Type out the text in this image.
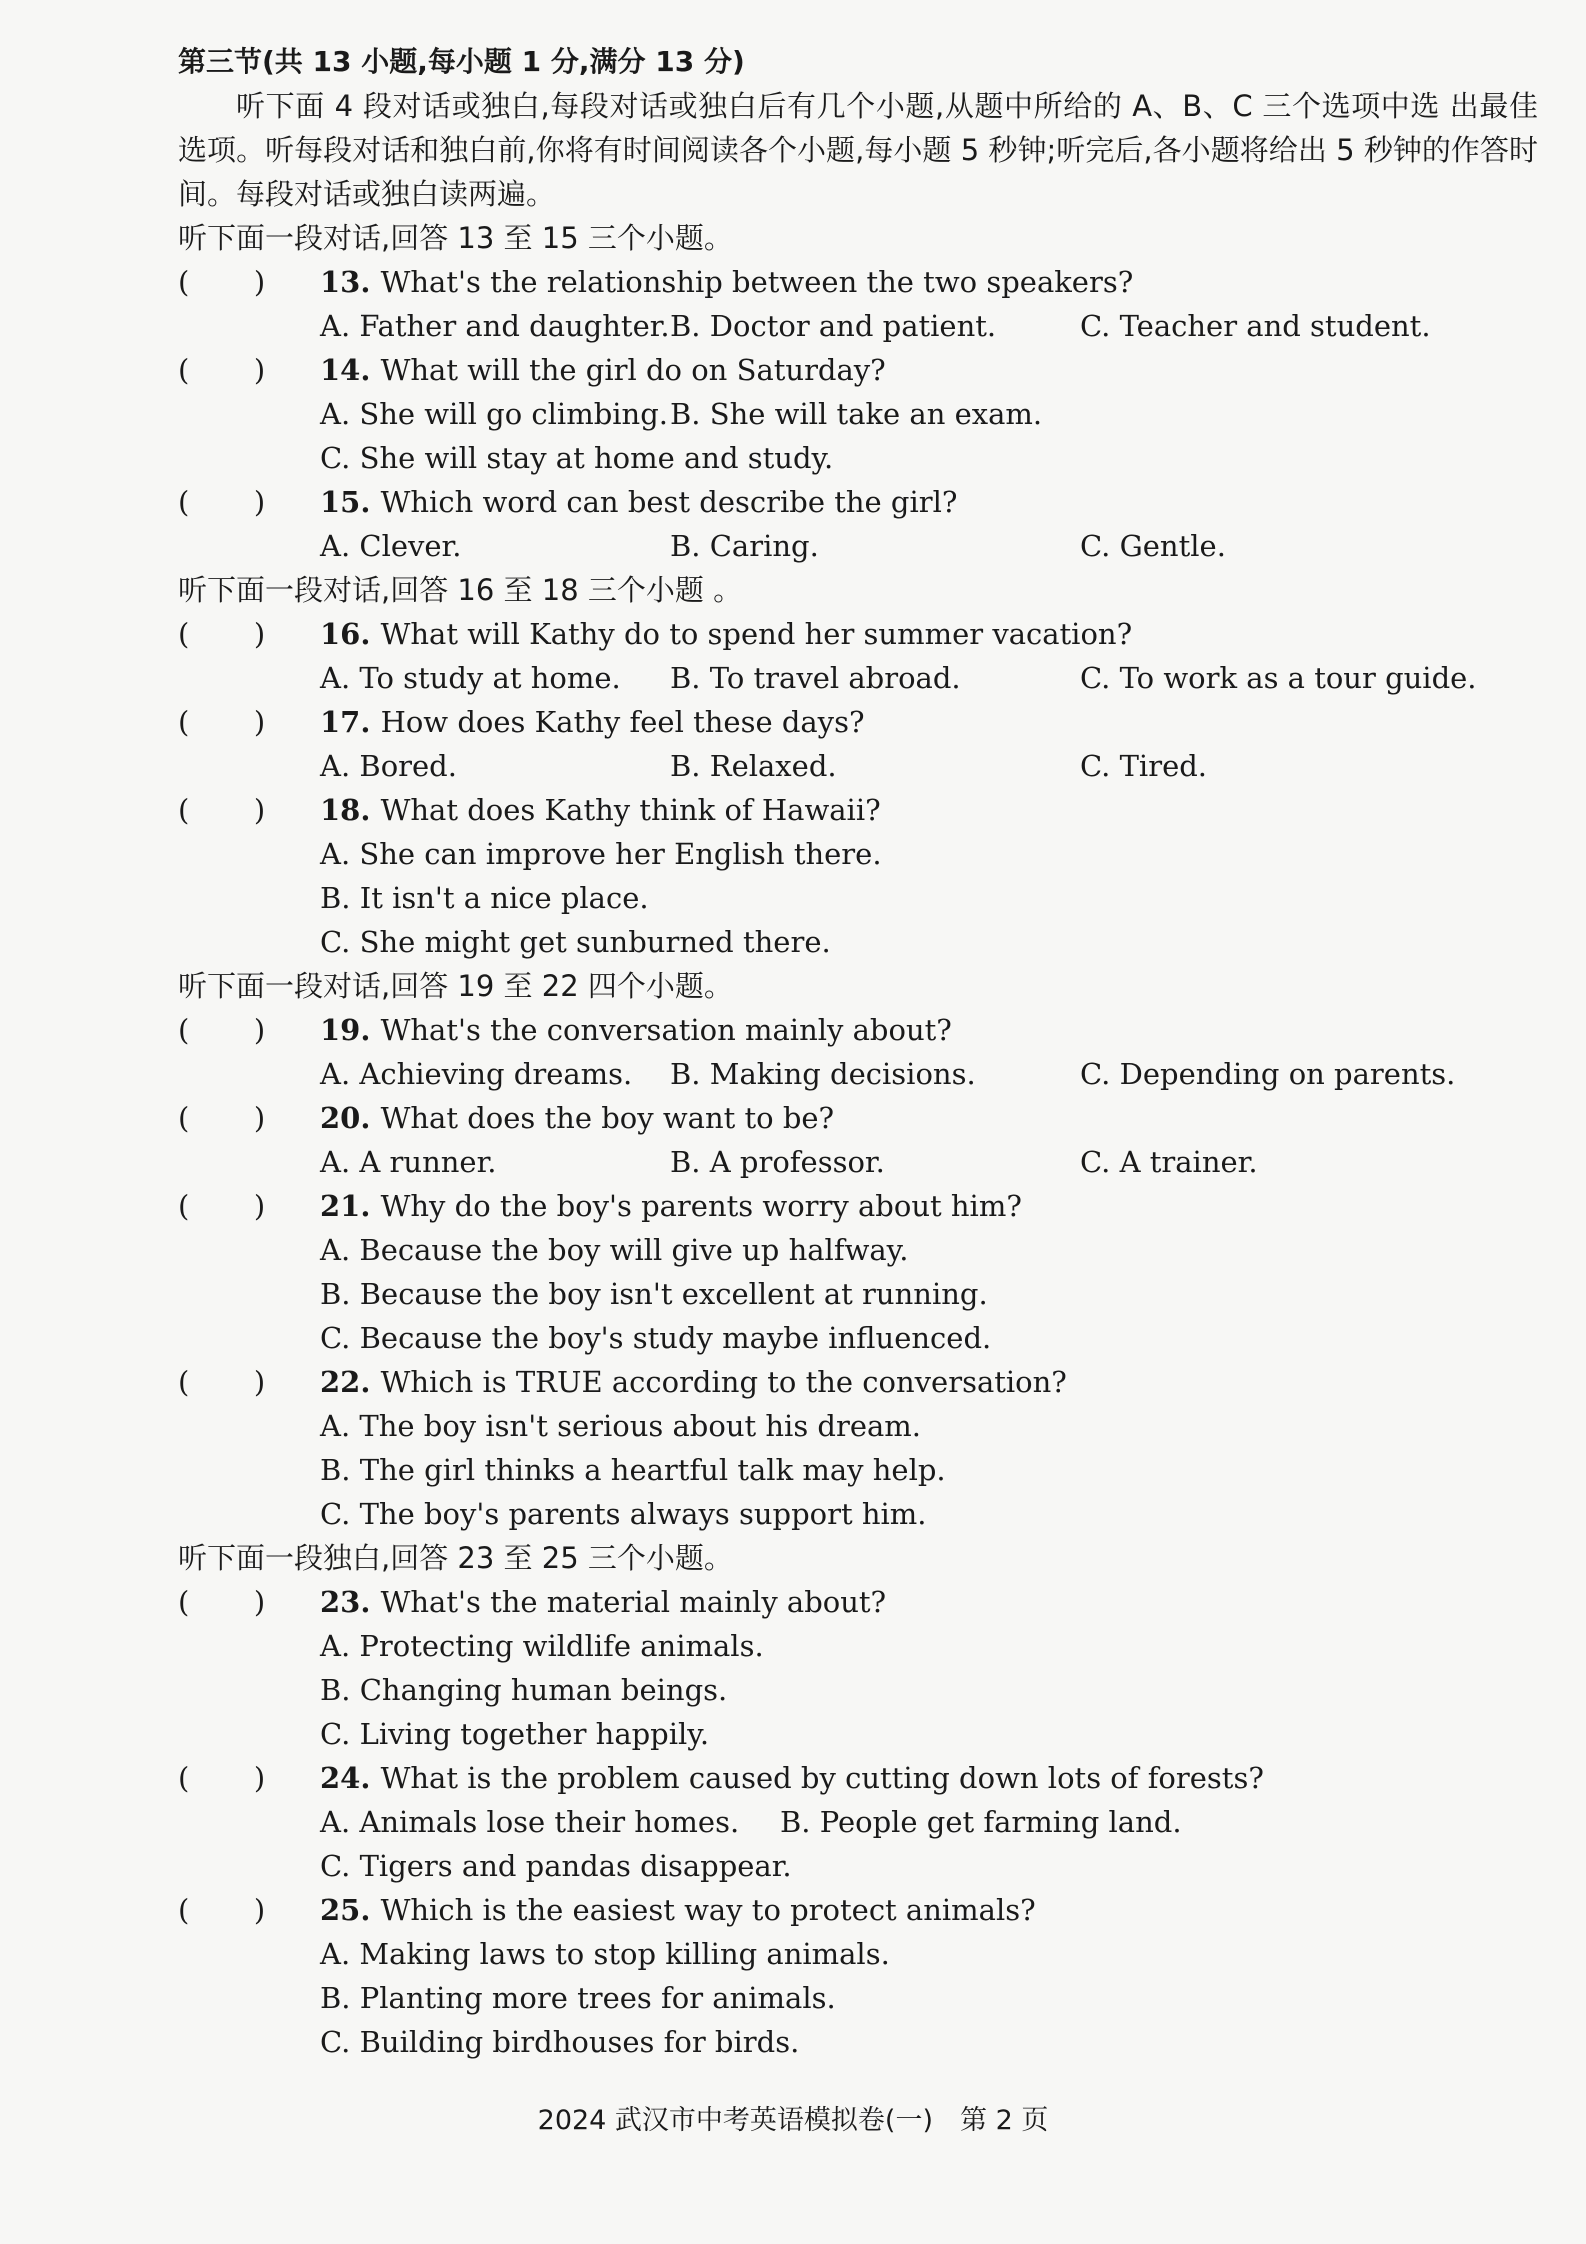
第三节(共 13 小题,每小题 1 分,满分 13 分)

听下面 4 段对话或独白,每段对话或独白后有几个小题,从题中所给的 A、B、C 三个选项中选 出最佳选项。听每段对话和独白前,你将有时间阅读各个小题,每小题 5 秒钟;听完后,各小题将给出 5 秒钟的作答时间。每段对话或独白读两遍。

听下面一段对话,回答 13 至 15 三个小题。

(       )	13 . What's the relationship between the two speakers?
A. Father and daughter. B. Doctor and patient.	C. Teacher and student.
(       )	14 . What will the girl do on Saturday?
A. She will go climbing. B. She will take an exam.
C. She will stay at home and study.
(       )	15 . Which word can best describe the girl?
A. Clever.	B. Caring.	C. Gentle.

听下面一段对话,回答 16 至 18 三个小题 。

(       )	16 . What will Kathy do to spend her summer vacation?
A. To study at home.	B. To travel abroad.	C. To work as a tour guide.
(       )	17 . How does Kathy feel these days?
A. Bored.	B. Relaxed.	C. Tired.
(       )	18 . What does Kathy think of Hawaii?
A. She can improve her English there.
B. It isn't a nice place.
C. She might get sunburned there.

听下面一段对话,回答 19 至 22 四个小题。

(       )	19 . What's the conversation mainly about?
A. Achieving dreams.	B. Making decisions.	C. Depending on parents.
(       )	20 . What does the boy want to be?
A. A runner.	B. A professor.	C. A trainer.
(       )	21 . Why do the boy's parents worry about him?
A. Because the boy will give up halfway.
B. Because the boy isn't excellent at running.
C. Because the boy's study maybe influenced.
(       )	22 . Which is TRUE according to the conversation?
A. The boy isn't serious about his dream.
B. The girl thinks a heartful talk may help.
C. The boy's parents always support him.

听下面一段独白,回答 23 至 25 三个小题。

(       )	23 . What's the material mainly about?
A. Protecting wildlife animals.
B. Changing human beings.
C. Living together happily.
(       )	24 . What is the problem caused by cutting down lots of forests?
A. Animals lose their homes.	B. People get farming land.
C. Tigers and pandas disappear.
(       )	25 . Which is the easiest way to protect animals?
A. Making laws to stop killing animals.
B. Planting more trees for animals.
C. Building birdhouses for birds.
2024 武汉市中考英语模拟卷(一)　第 2 页
